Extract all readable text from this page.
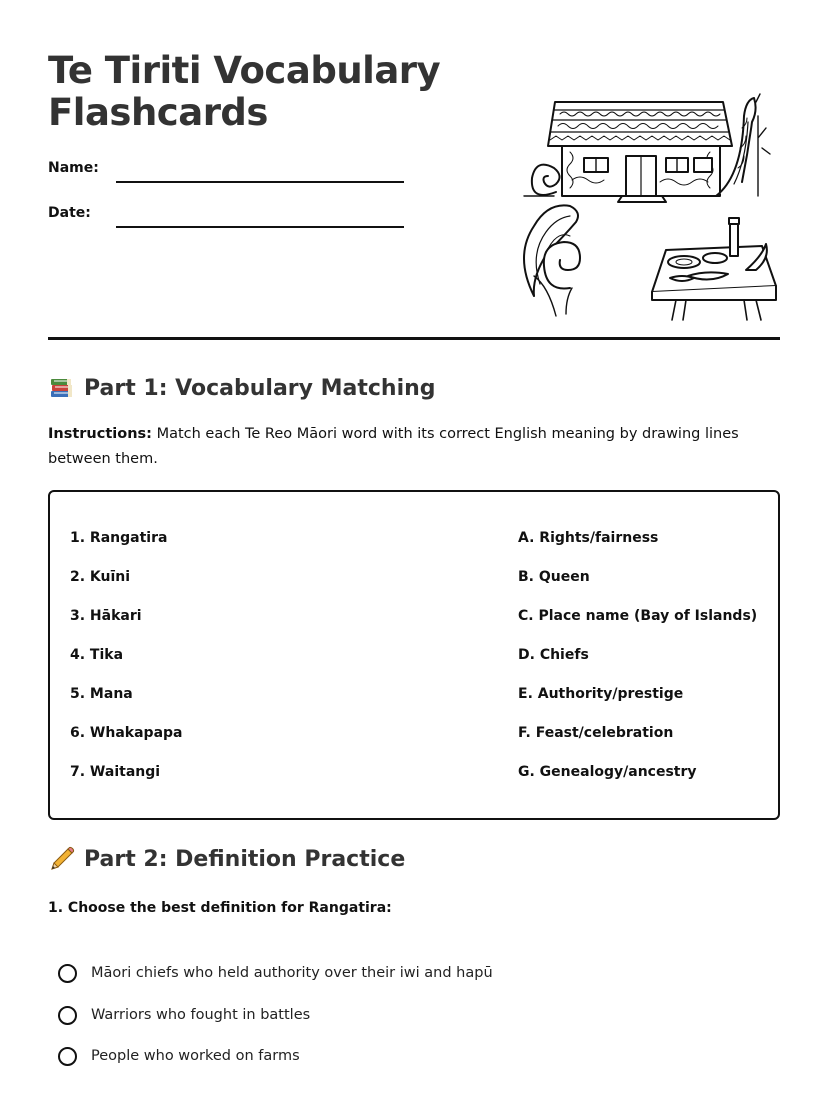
Te Tiriti Vocabulary
Flashcards
Name:
Date:
Part 1: Vocabulary Matching
Instructions: Match each Te Reo Māori word with its correct English meaning by drawing lines between them.
1. Rangatira
2. Kuīni
3. Hākari
4. Tika
5. Mana
6. Whakapapa
7. Waitangi
A. Rights/fairness
B. Queen
C. Place name (Bay of Islands)
D. Chiefs
E. Authority/prestige
F. Feast/celebration
G. Genealogy/ancestry
Part 2: Definition Practice
1. Choose the best definition for Rangatira:
Māori chiefs who held authority over their iwi and hapū
Warriors who fought in battles
People who worked on farms
